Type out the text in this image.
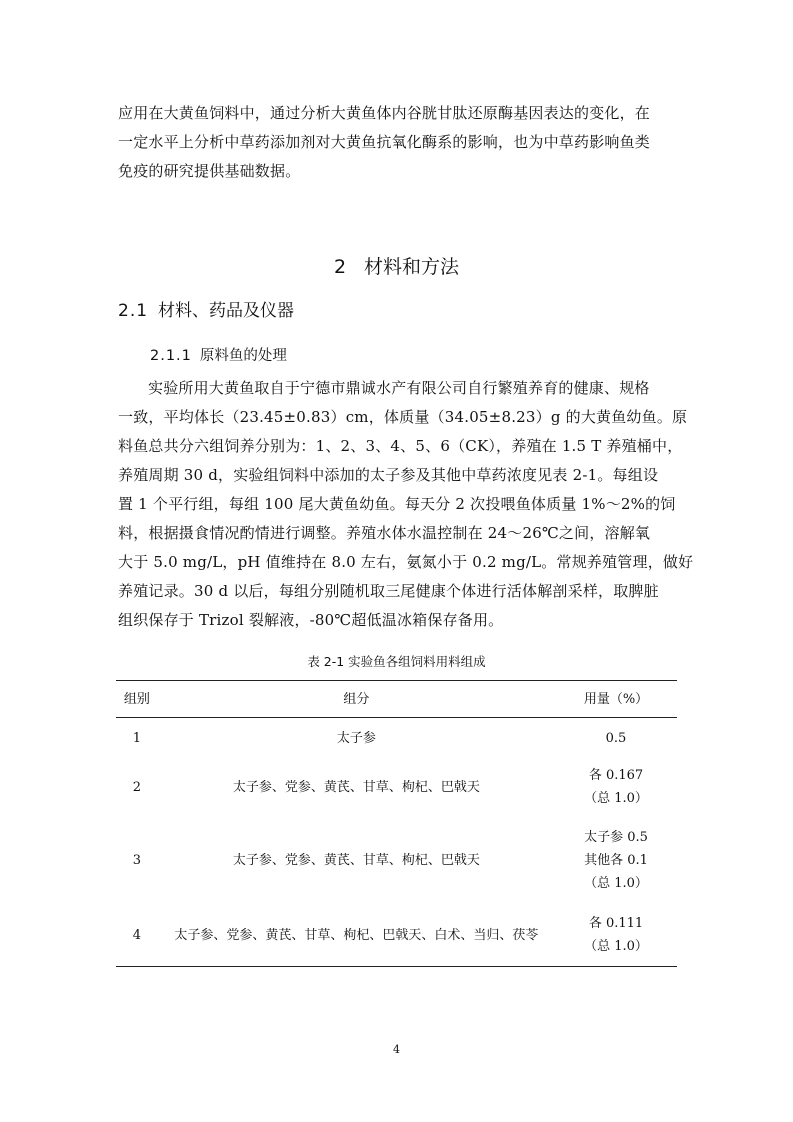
应用在大黄鱼饲料中，通过分析大黄鱼体内谷胱甘肽还原酶基因表达的变化，在
一定水平上分析中草药添加剂对大黄鱼抗氧化酶系的影响，也为中草药影响鱼类
免疫的研究提供基础数据。
2 材料和方法
2.1 材料、药品及仪器
2.1.1 原料鱼的处理
实验所用大黄鱼取自于宁德市鼎诚水产有限公司自行繁殖养育的健康、规格
一致，平均体长（23.45±0.83）cm，体质量（34.05±8.23）g 的大黄鱼幼鱼。原
料鱼总共分六组饲养分别为：1、2、3、4、5、6（CK），养殖在 1.5 T 养殖桶中，
养殖周期 30 d，实验组饲料中添加的太子参及其他中草药浓度见表 2-1。每组设
置 1 个平行组，每组 100 尾大黄鱼幼鱼。每天分 2 次投喂鱼体质量 1%～2%的饲
料，根据摄食情况酌情进行调整。养殖水体水温控制在 24～26℃之间，溶解氧
大于 5.0 mg/L，pH 值维持在 8.0 左右，氨氮小于 0.2 mg/L。常规养殖管理，做好
养殖记录。30 d 以后，每组分别随机取三尾健康个体进行活体解剖采样，取脾脏
组织保存于 Trizol 裂解液，-80℃超低温冰箱保存备用。
表 2-1 实验鱼各组饲料用料组成
组别	组分	用量（%）
1	太子参	0.5

2	太子参、党参、黄芪、甘草、枸杞、巴戟天	各 0.167
（总 1.0）

3	太子参、党参、黄芪、甘草、枸杞、巴戟天	太子参 0.5
其他各 0.1
（总 1.0）

4	太子参、党参、黄芪、甘草、枸杞、巴戟天、白术、当归、茯苓	各 0.111
（总 1.0）
4
